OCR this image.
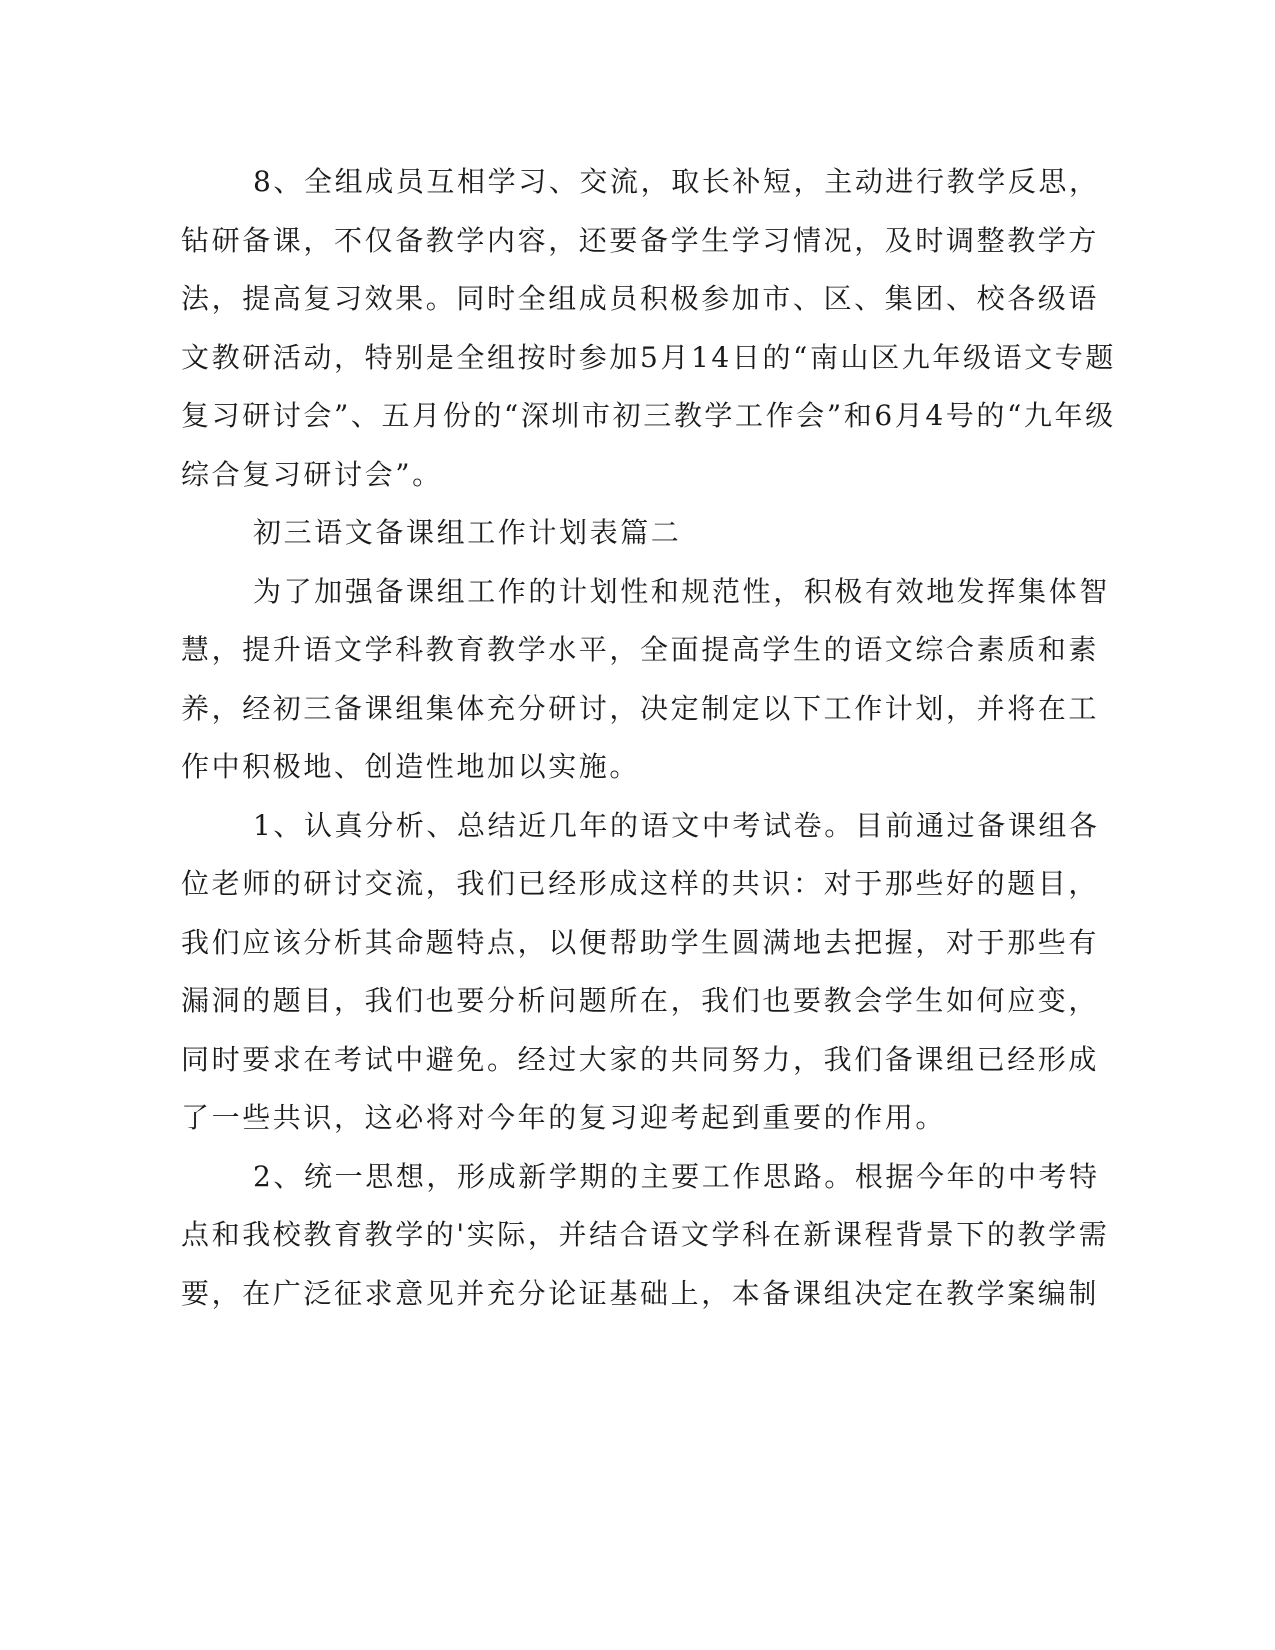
8、全组成员互相学习、交流，取长补短，主动进行教学反思，
钻研备课，不仅备教学内容，还要备学生学习情况，及时调整教学方
法，提高复习效果。同时全组成员积极参加市、区、集团、校各级语
文教研活动，特别是全组按时参加5月14日的“南山区九年级语文专题
复习研讨会”、五月份的“深圳市初三教学工作会”和6月4号的“九年级
综合复习研讨会”。
初三语文备课组工作计划表篇二
为了加强备课组工作的计划性和规范性，积极有效地发挥集体智
慧，提升语文学科教育教学水平，全面提高学生的语文综合素质和素
养，经初三备课组集体充分研讨，决定制定以下工作计划，并将在工
作中积极地、创造性地加以实施。
1、认真分析、总结近几年的语文中考试卷。目前通过备课组各
位老师的研讨交流，我们已经形成这样的共识：对于那些好的题目，
我们应该分析其命题特点，以便帮助学生圆满地去把握，对于那些有
漏洞的题目，我们也要分析问题所在，我们也要教会学生如何应变，
同时要求在考试中避免。经过大家的共同努力，我们备课组已经形成
了一些共识，这必将对今年的复习迎考起到重要的作用。
2、统一思想，形成新学期的主要工作思路。根据今年的中考特
点和我校教育教学的'实际，并结合语文学科在新课程背景下的教学需
要，在广泛征求意见并充分论证基础上，本备课组决定在教学案编制
